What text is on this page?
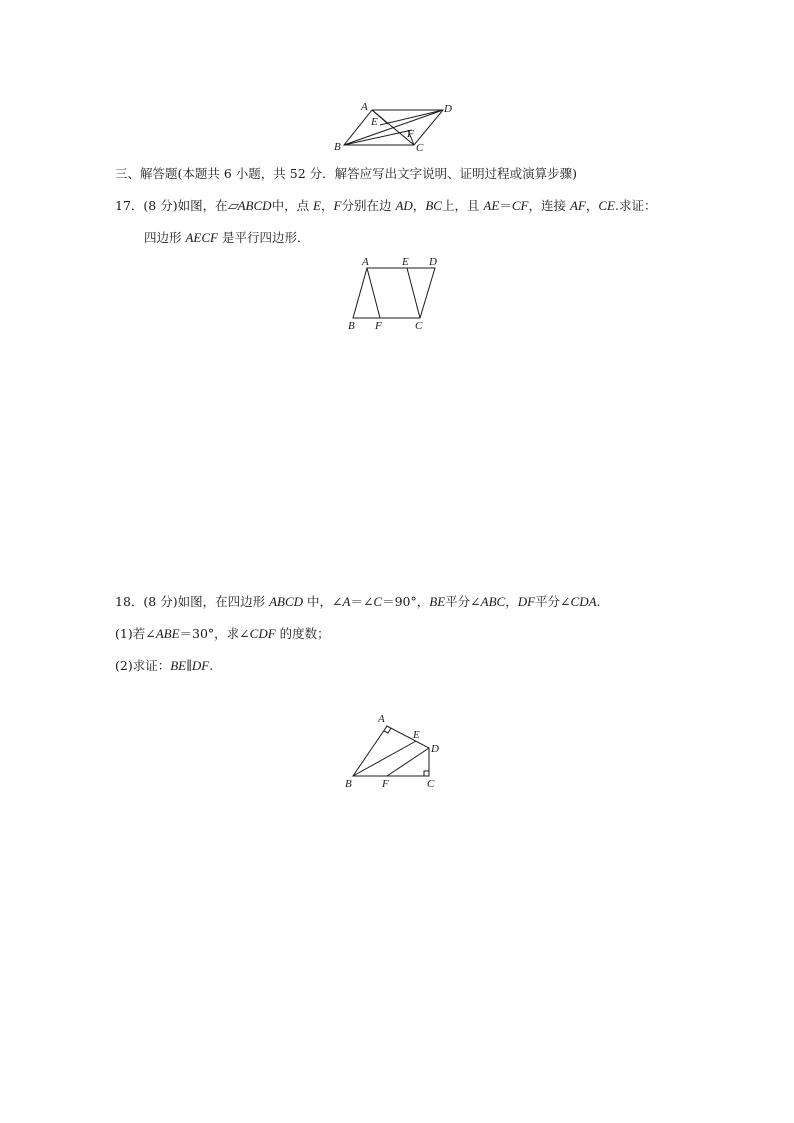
A	D
E
F
B	C
三、解答题(本题共 6 小题，共 52 分．解答应写出文字说明、证明过程或演算步骤)
17．(8 分)如图，在▱ABCD中，点 E，F分别在边 AD，BC上，且 AE＝CF，连接 AF，CE.求证：
四边形 AECF 是平行四边形．
A	E D
B F	C
18．(8 分)如图，在四边形 ABCD 中，∠A＝∠C＝90°，BE平分∠ABC，DF平分∠CDA.
(1)若∠ABE＝30°，求∠CDF 的度数；
(2)求证：BE∥DF.
A
E
D
B	F	C
